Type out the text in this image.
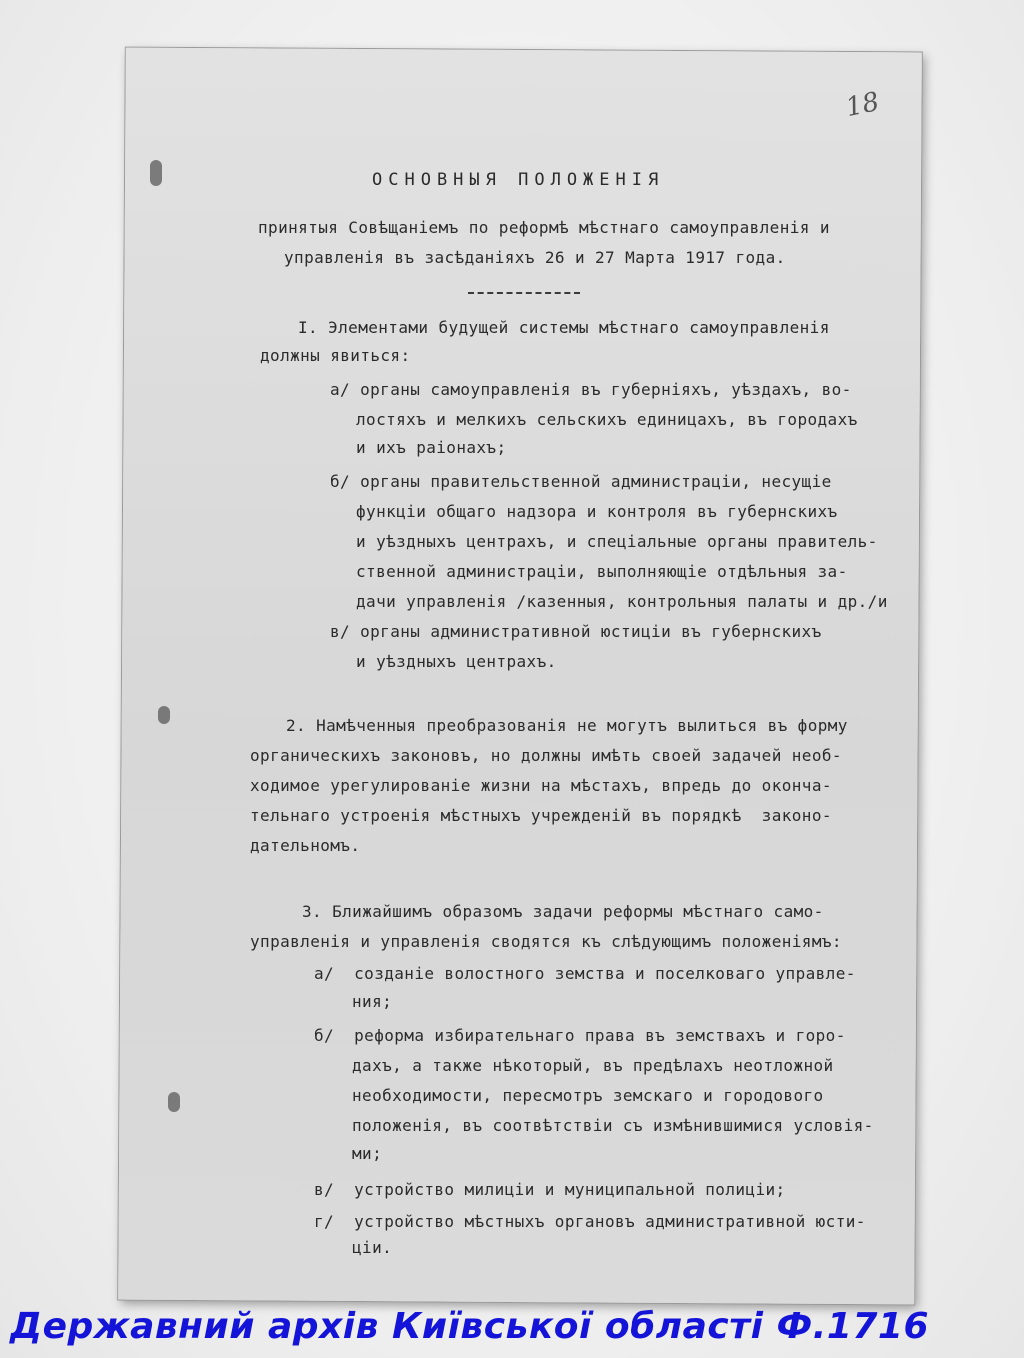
18
ОСНОВНЫЯ ПОЛОЖЕНІЯ
принятыя Совѣщаніемъ по реформѣ мѣстнаго самоуправленія и
управленія въ засѣданіяхъ 26 и 27 Марта 1917 года.
I. Элементами будущей системы мѣстнаго самоуправленія
должны явиться:
а/ органы самоуправленія въ губерніяхъ, уѣздахъ, во-
лостяхъ и мелкихъ сельскихъ единицахъ, въ городахъ
и ихъ раіонахъ;
б/ органы правительственной администраціи, несущіе
функціи общаго надзора и контроля въ губернскихъ
и уѣздныхъ центрахъ, и спеціальные органы правитель-
ственной администраціи, выполняющіе отдѣльныя за-
дачи управленія /казенныя, контрольныя палаты и др./и
в/ органы административной юстиціи въ губернскихъ
и уѣздныхъ центрахъ.
2. Намѣченныя преобразованія не могутъ вылиться въ форму
органическихъ законовъ, но должны имѣть своей задачей необ-
ходимое урегулированіе жизни на мѣстахъ, впредь до оконча-
тельнаго устроенія мѣстныхъ учрежденій въ порядкѣ  законо-
дательномъ.
3. Ближайшимъ образомъ задачи реформы мѣстнаго само-
управленія и управленія сводятся къ слѣдующимъ положеніямъ:
а/  созданіе волостного земства и поселковаго управле-
ния;
б/  реформа избирательнаго права въ земствахъ и горо-
дахъ, а также нѣкоторый, въ предѣлахъ неотложной
необходимости, пересмотръ земскаго и городового
положенія, въ соотвѣтствіи съ измѣнившимися условія-
ми;
в/  устройство милиціи и муниципальной полиціи;
г/  устройство мѣстныхъ органовъ административной юсти-
ціи.
Державний архів Київської області Ф.1716
